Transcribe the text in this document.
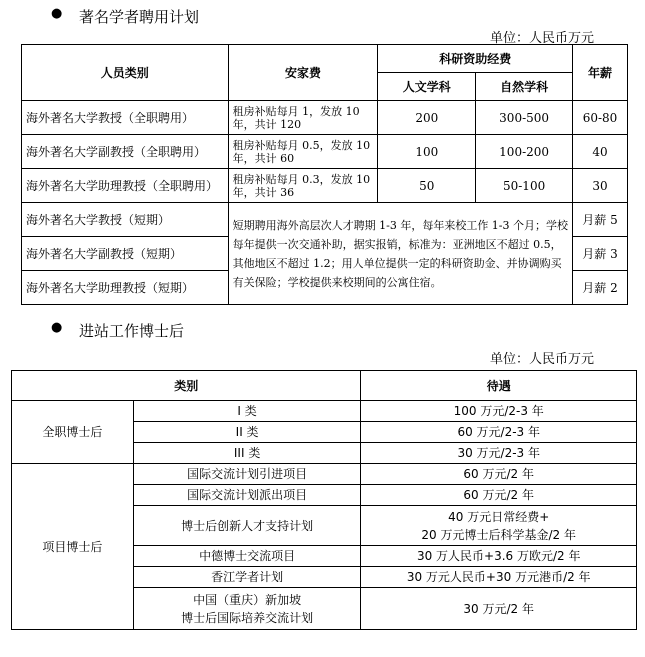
● 著名学者聘用计划
单位：人民币万元
人员类别	安家费	科研资助经费		年薪
		人文学科	自然学科	
海外著名大学教授（全职聘用）	租房补贴每月 1，发放 10 年，共计 120	200	300-500	60-80
海外著名大学副教授（全职聘用）	租房补贴每月 0.5，发放 10 年，共计 60	100	100-200	40
海外著名大学助理教授（全职聘用）	租房补贴每月 0.3，发放 10 年，共计 36	50	50-100	30
海外著名大学教授（短期）	短期聘用海外高层次人才聘期 1-3 年，每年来校工作 1-3 个月；学校每年提供一次交通补助，据实报销，标准为：亚洲地区不超过 0.5，其他地区不超过 1.2；用人单位提供一定的科研资助金、并协调购买有关保险；学校提供来校期间的公寓住宿。			月薪 5
海外著名大学副教授（短期）				月薪 3
海外著名大学助理教授（短期）				月薪 2
● 进站工作博士后
单位：人民币万元
类别		待遇
全职博士后	I 类	100 万元/2-3 年
	II 类	60 万元/2-3 年
	III 类	30 万元/2-3 年
项目博士后	国际交流计划引进项目	60 万元/2 年
	国际交流计划派出项目	60 万元/2 年
	博士后创新人才支持计划	40 万元日常经费+
20 万元博士后科学基金/2 年

	中德博士交流项目	30 万人民币+3.6 万欧元/2 年
	香江学者计划	30 万元人民币+30 万元港币/2 年

	中国（重庆）新加坡
博士后国际培养交流计划	30 万元/2 年
